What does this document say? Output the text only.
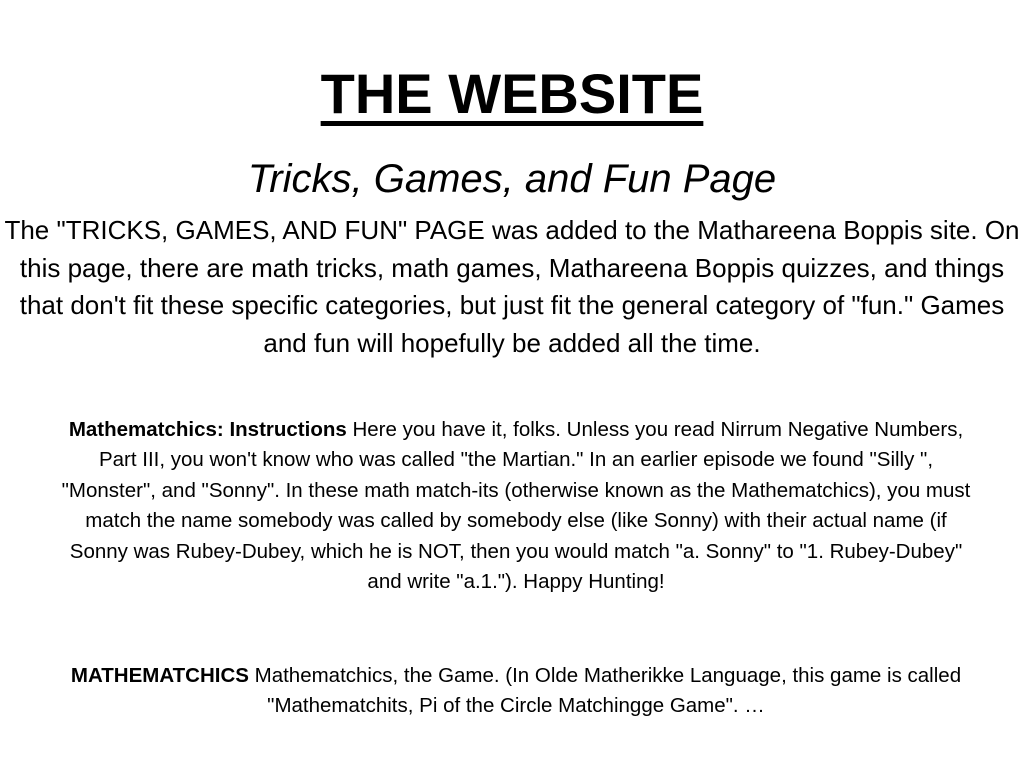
THE WEBSITE
Tricks, Games, and Fun Page
The "TRICKS, GAMES, AND FUN" PAGE was added to the Mathareena Boppis site. On this page, there are math tricks, math games, Mathareena Boppis quizzes, and things that don't fit these specific categories, but just fit the general category of "fun." Games and fun will hopefully be added all the time.
Mathematchics: Instructions Here you have it, folks. Unless you read Nirrum Negative Numbers, Part III, you won't know who was called "the Martian." In an earlier episode we found "Silly ", "Monster", and "Sonny". In these math match-its (otherwise known as the Mathematchics), you must match the name somebody was called by somebody else (like Sonny) with their actual name (if Sonny was Rubey-Dubey, which he is NOT, then you would match "a. Sonny" to "1. Rubey-Dubey" and write "a.1."). Happy Hunting!
MATHEMATCHICS Mathematchics, the Game. (In Olde Matherikke Language, this game is called "Mathematchits, Pi of the Circle Matchingge Game". …
